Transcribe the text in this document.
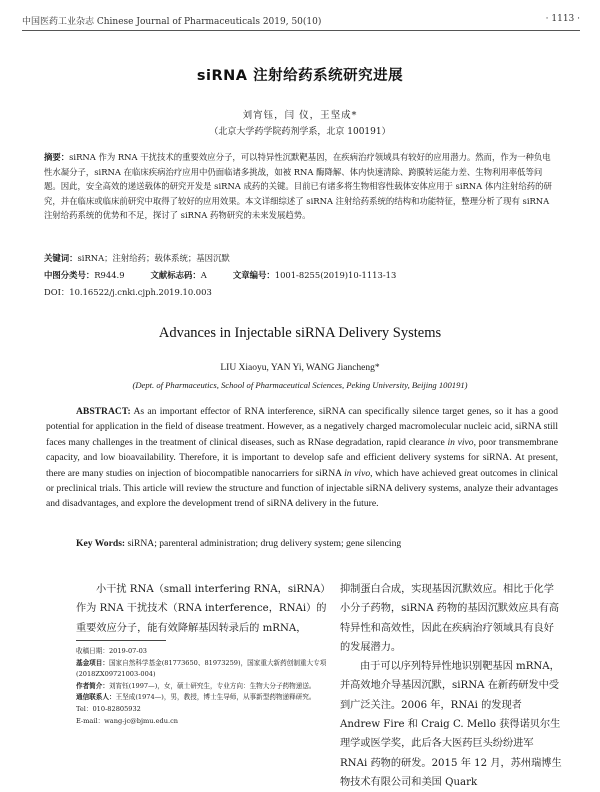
中国医药工业杂志 Chinese Journal of Pharmaceuticals 2019, 50(10)	· 1113 ·
siRNA 注射给药系统研究进展
刘宵钰，闫 仪，王坚成*
（北京大学药学院药剂学系，北京 100191）
摘要：siRNA 作为 RNA 干扰技术的重要效应分子，可以特异性沉默靶基因，在疾病治疗领域具有较好的应用潜力。然而，作为一种负电性水凝分子，siRNA 在临床疾病治疗应用中仍面临诸多挑战，如被 RNA 酶降解、体内快速清除、跨膜转运能力差、生物利用率低等问题。因此，安全高效的递送载体的研究开发是 siRNA 成药的关键。目前已有诸多将生物相容性载体安体应用于 siRNA 体内注射给药的研究，并在临床或临床前研究中取得了较好的应用效果。本文详细综述了 siRNA 注射给药系统的结构和功能特征，整理分析了现有 siRNA 注射给药系统的优势和不足，探讨了 siRNA 药物研究的未来发展趋势。
关键词：siRNA；注射给药；载体系统；基因沉默
中图分类号：R944.9	文献标志码：A	文章编号：1001-8255(2019)10-1113-13
DOI：10.16522/j.cnki.cjph.2019.10.003
Advances in Injectable siRNA Delivery Systems
LIU Xiaoyu, YAN Yi, WANG Jiancheng*
(Dept. of Pharmaceutics, School of Pharmaceutical Sciences, Peking University, Beijing 100191)
ABSTRACT: As an important effector of RNA interference, siRNA can specifically silence target genes, so it has a good potential for application in the field of disease treatment. However, as a negatively charged macromolecular nucleic acid, siRNA still faces many challenges in the treatment of clinical diseases, such as RNase degradation, rapid clearance in vivo, poor transmembrane capacity, and low bioavailability. Therefore, it is important to develop safe and efficient delivery systems for siRNA. At present, there are many studies on injection of biocompatible nanocarriers for siRNA in vivo, which have achieved great outcomes in clinical or preclinical trials. This article will review the structure and function of injectable siRNA delivery systems, analyze their advantages and disadvantages, and explore the development trend of siRNA delivery in the future.
Key Words: siRNA; parenteral administration; drug delivery system; gene silencing
小干扰 RNA（small interfering RNA，siRNA）作为 RNA 干扰技术（RNA interference，RNAi）的重要效应分子，能有效降解基因转录后的 mRNA，
抑制蛋白合成，实现基因沉默效应。相比于化学小分子药物，siRNA 药物的基因沉默效应具有高特异性和高效性，因此在疾病治疗领域具有良好的发展潜力。
由于可以序列特异性地识别靶基因 mRNA，并高效地介导基因沉默，siRNA 在新药研发中受到广泛关注。2006 年，RNAi 的发现者 Andrew Fire 和 Craig C. Mello 获得诺贝尔生理学或医学奖，此后各大医药巨头纷纷进军 RNAi 药物的研发。2015 年 12 月，苏州瑞博生物技术有限公司和美国 Quark
收稿日期：2019-07-03
基金项目：国家自然科学基金(81773650、81973259)，国家重大新药创制重大专项(2018ZX09721003-004)
作者简介：刘宵钰(1997—)，女，硕士研究生，专业方向：生物大分子药物递送。
通信联系人：王坚成(1974—)，男，教授，博士生导师，从事新型药物递释研究。
Tel：010-82805932
E-mail：wang-jc@bjmu.edu.cn
